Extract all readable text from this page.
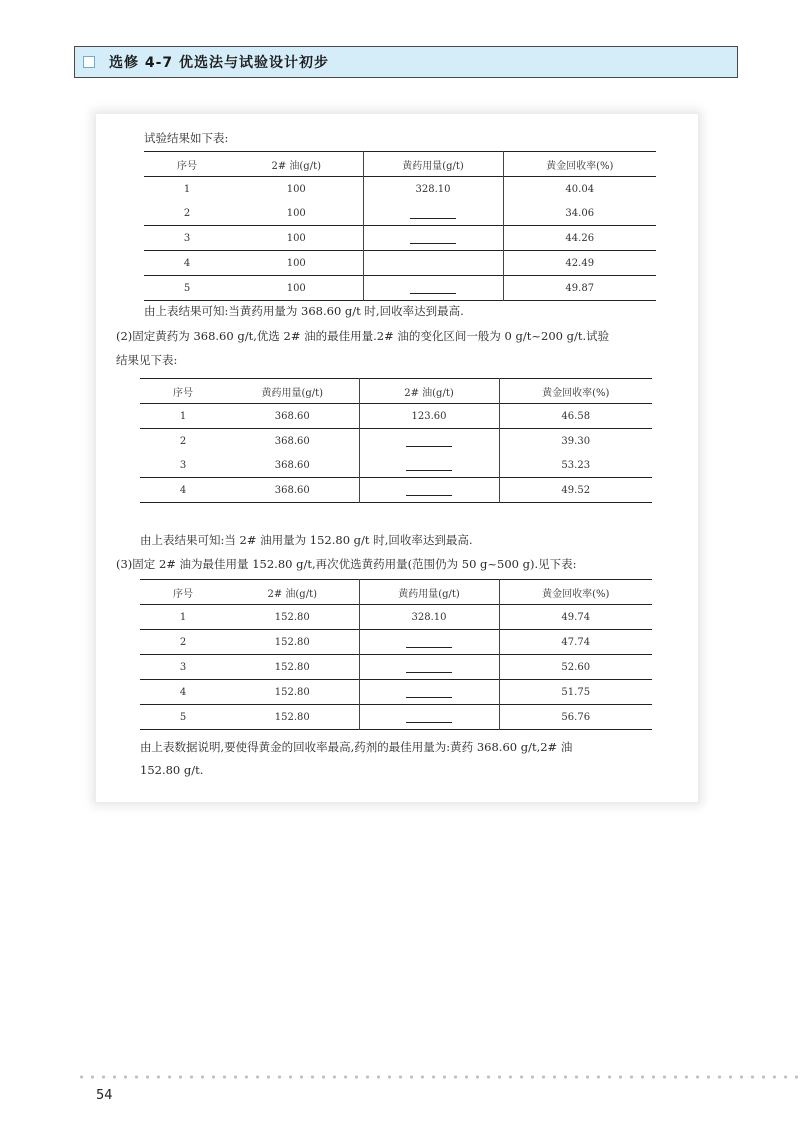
选修 4-7 优选法与试验设计初步
试验结果如下表:
序号	2# 油(g/t)	黄药用量(g/t)	黄金回收率(%)
1	100	328.10	40.04
2	100		34.06
3	100		44.26
4	100		42.49
5	100		49.87
由上表结果可知:当黄药用量为 368.60 g/t 时,回收率达到最高.
(2)固定黄药为 368.60 g/t,优选 2# 油的最佳用量.2# 油的变化区间一般为 0 g/t~200 g/t.试验
结果见下表:
序号	黄药用量(g/t)	2# 油(g/t)	黄金回收率(%)
1	368.60	123.60	46.58
2	368.60		39.30
3	368.60		53.23
4	368.60		49.52
由上表结果可知:当 2# 油用量为 152.80 g/t 时,回收率达到最高.
(3)固定 2# 油为最佳用量 152.80 g/t,再次优选黄药用量(范围仍为 50 g~500 g).见下表:
序号	2# 油(g/t)	黄药用量(g/t)	黄金回收率(%)
1	152.80	328.10	49.74
2	152.80		47.74
3	152.80		52.60
4	152.80		51.75
5	152.80		56.76
由上表数据说明,要使得黄金的回收率最高,药剂的最佳用量为:黄药 368.60 g/t,2# 油
152.80 g/t.
54
